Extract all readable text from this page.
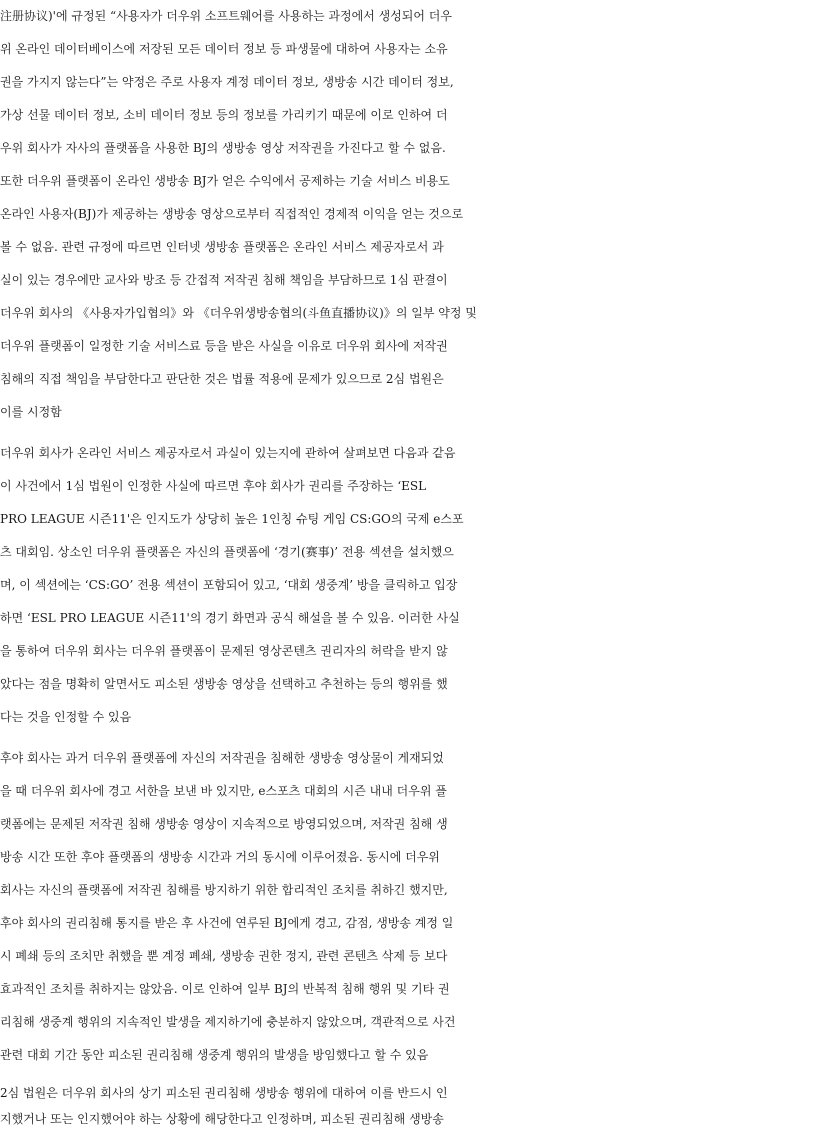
注册协议)'에 규정된 “사용자가 더우위 소프트웨어를 사용하는 과정에서 생성되어 더우
위 온라인 데이터베이스에 저장된 모든 데이터 정보 등 파생물에 대하여 사용자는 소유
권을 가지지 않는다”는 약정은 주로 사용자 계정 데이터 정보, 생방송 시간 데이터 정보,
가상 선물 데이터 정보, 소비 데이터 정보 등의 정보를 가리키기 때문에 이로 인하여 더
우위 회사가 자사의 플랫폼을 사용한 BJ의 생방송 영상 저작권을 가진다고 할 수 없음.
또한 더우위 플랫폼이 온라인 생방송 BJ가 얻은 수익에서 공제하는 기술 서비스 비용도
온라인 사용자(BJ)가 제공하는 생방송 영상으로부터 직접적인 경제적 이익을 얻는 것으로
볼 수 없음. 관련 규정에 따르면 인터넷 생방송 플랫폼은 온라인 서비스 제공자로서 과
실이 있는 경우에만 교사와 방조 등 간접적 저작권 침해 책임을 부담하므로 1심 판결이
더우위 회사의 《사용자가입협의》와 《더우위생방송협의(斗鱼直播协议)》의 일부 약정 및
더우위 플랫폼이 일정한 기술 서비스료 등을 받은 사실을 이유로 더우위 회사에 저작권
침해의 직접 책임을 부담한다고 판단한 것은 법률 적용에 문제가 있으므로 2심 법원은
이를 시정함
더우위 회사가 온라인 서비스 제공자로서 과실이 있는지에 관하여 살펴보면 다음과 같음
이 사건에서 1심 법원이 인정한 사실에 따르면 후야 회사가 권리를 주장하는 ‘ESL
PRO LEAGUE 시즌11'은 인지도가 상당히 높은 1인칭 슈팅 게임 CS:GO의 국제 e스포
츠 대회임. 상소인 더우위 플랫폼은 자신의 플랫폼에 ‘경기(赛事)’ 전용 섹션을 설치했으
며, 이 섹션에는 ‘CS:GO’ 전용 섹션이 포함되어 있고, ‘대회 생중계’ 방을 클릭하고 입장
하면 ‘ESL PRO LEAGUE 시즌11'의 경기 화면과 공식 해설을 볼 수 있음. 이러한 사실
을 통하여 더우위 회사는 더우위 플랫폼이 문제된 영상콘텐츠 권리자의 허락을 받지 않
았다는 점을 명확히 알면서도 피소된 생방송 영상을 선택하고 추천하는 등의 행위를 했
다는 것을 인정할 수 있음
후야 회사는 과거 더우위 플랫폼에 자신의 저작권을 침해한 생방송 영상물이 게재되었
을 때 더우위 회사에 경고 서한을 보낸 바 있지만, e스포츠 대회의 시즌 내내 더우위 플
랫폼에는 문제된 저작권 침해 생방송 영상이 지속적으로 방영되었으며, 저작권 침해 생
방송 시간 또한 후야 플랫폼의 생방송 시간과 거의 동시에 이루어졌음. 동시에 더우위
회사는 자신의 플랫폼에 저작권 침해를 방지하기 위한 합리적인 조치를 취하긴 했지만,
후야 회사의 권리침해 통지를 받은 후 사건에 연루된 BJ에게 경고, 감점, 생방송 계정 일
시 폐쇄 등의 조치만 취했을 뿐 계정 폐쇄, 생방송 권한 정지, 관련 콘텐츠 삭제 등 보다
효과적인 조치를 취하지는 않았음. 이로 인하여 일부 BJ의 반복적 침해 행위 및 기타 권
리침해 생중계 행위의 지속적인 발생을 제지하기에 충분하지 않았으며, 객관적으로 사건
관련 대회 기간 동안 피소된 권리침해 생중계 행위의 발생을 방임했다고 할 수 있음
2심 법원은 더우위 회사의 상기 피소된 권리침해 생방송 행위에 대하여 이를 반드시 인
지했거나 또는 인지했어야 하는 상황에 해당한다고 인정하며, 피소된 권리침해 생방송
